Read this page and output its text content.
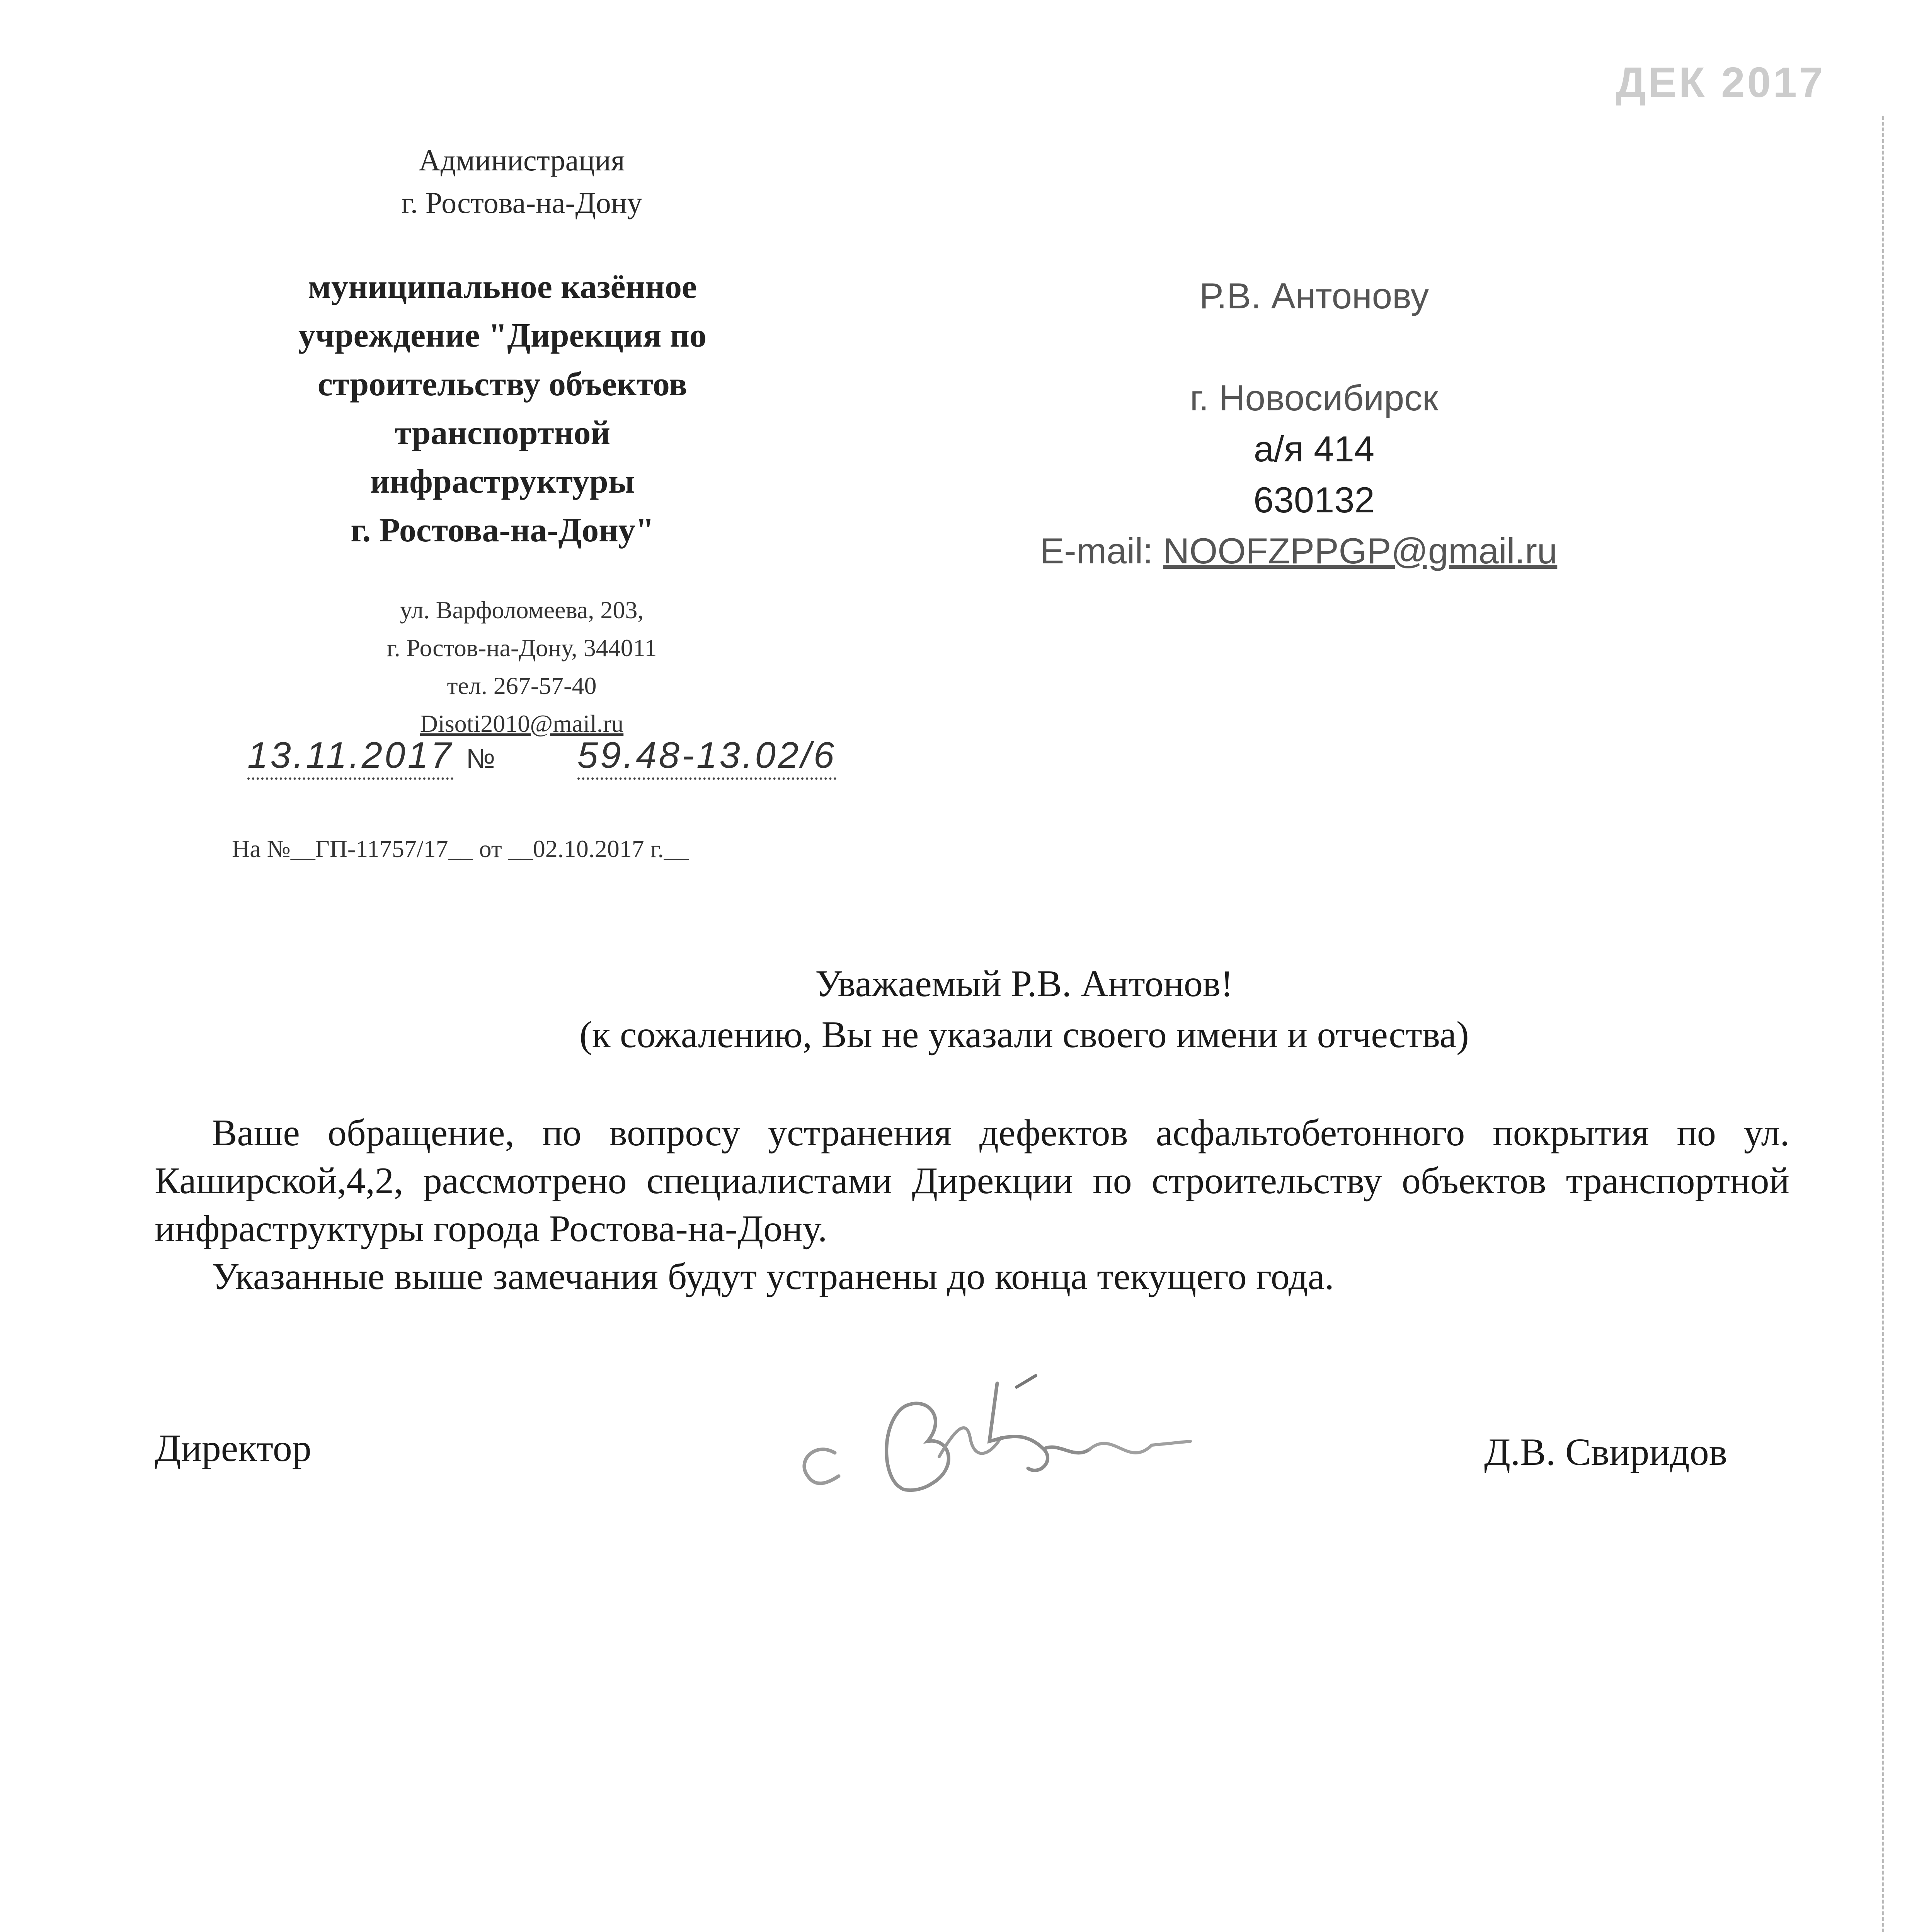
ДЕК 2017
Администрация
г. Ростова-на-Дону
муниципальное казённое
учреждение "Дирекция по
строительству объектов
транспортной
инфраструктуры
г. Ростова-на-Дону"
ул. Варфоломеева, 203,
г. Ростов-на-Дону, 344011
тел. 267-57-40
Disoti2010@mail.ru
13.11.2017 № 59.48-13.02/6
На №__ГП-11757/17__ от __02.10.2017 г.__
Р.В. Антонову
г. Новосибирск
а/я 414
630132
E-mail: NOOFZPPGP@gmail.ru
Уважаемый Р.В. Антонов!
(к сожалению, Вы не указали своего имени и отчества)

Ваше обращение, по вопросу устранения дефектов асфальтобетонного покрытия по ул. Каширской,4,2, рассмотрено специалистами Дирекции по строительству объектов транспортной инфраструктуры города Ростова-на-Дону.

Указанные выше замечания будут устранены до конца текущего года.

Директор	Д.В. Свиридов
